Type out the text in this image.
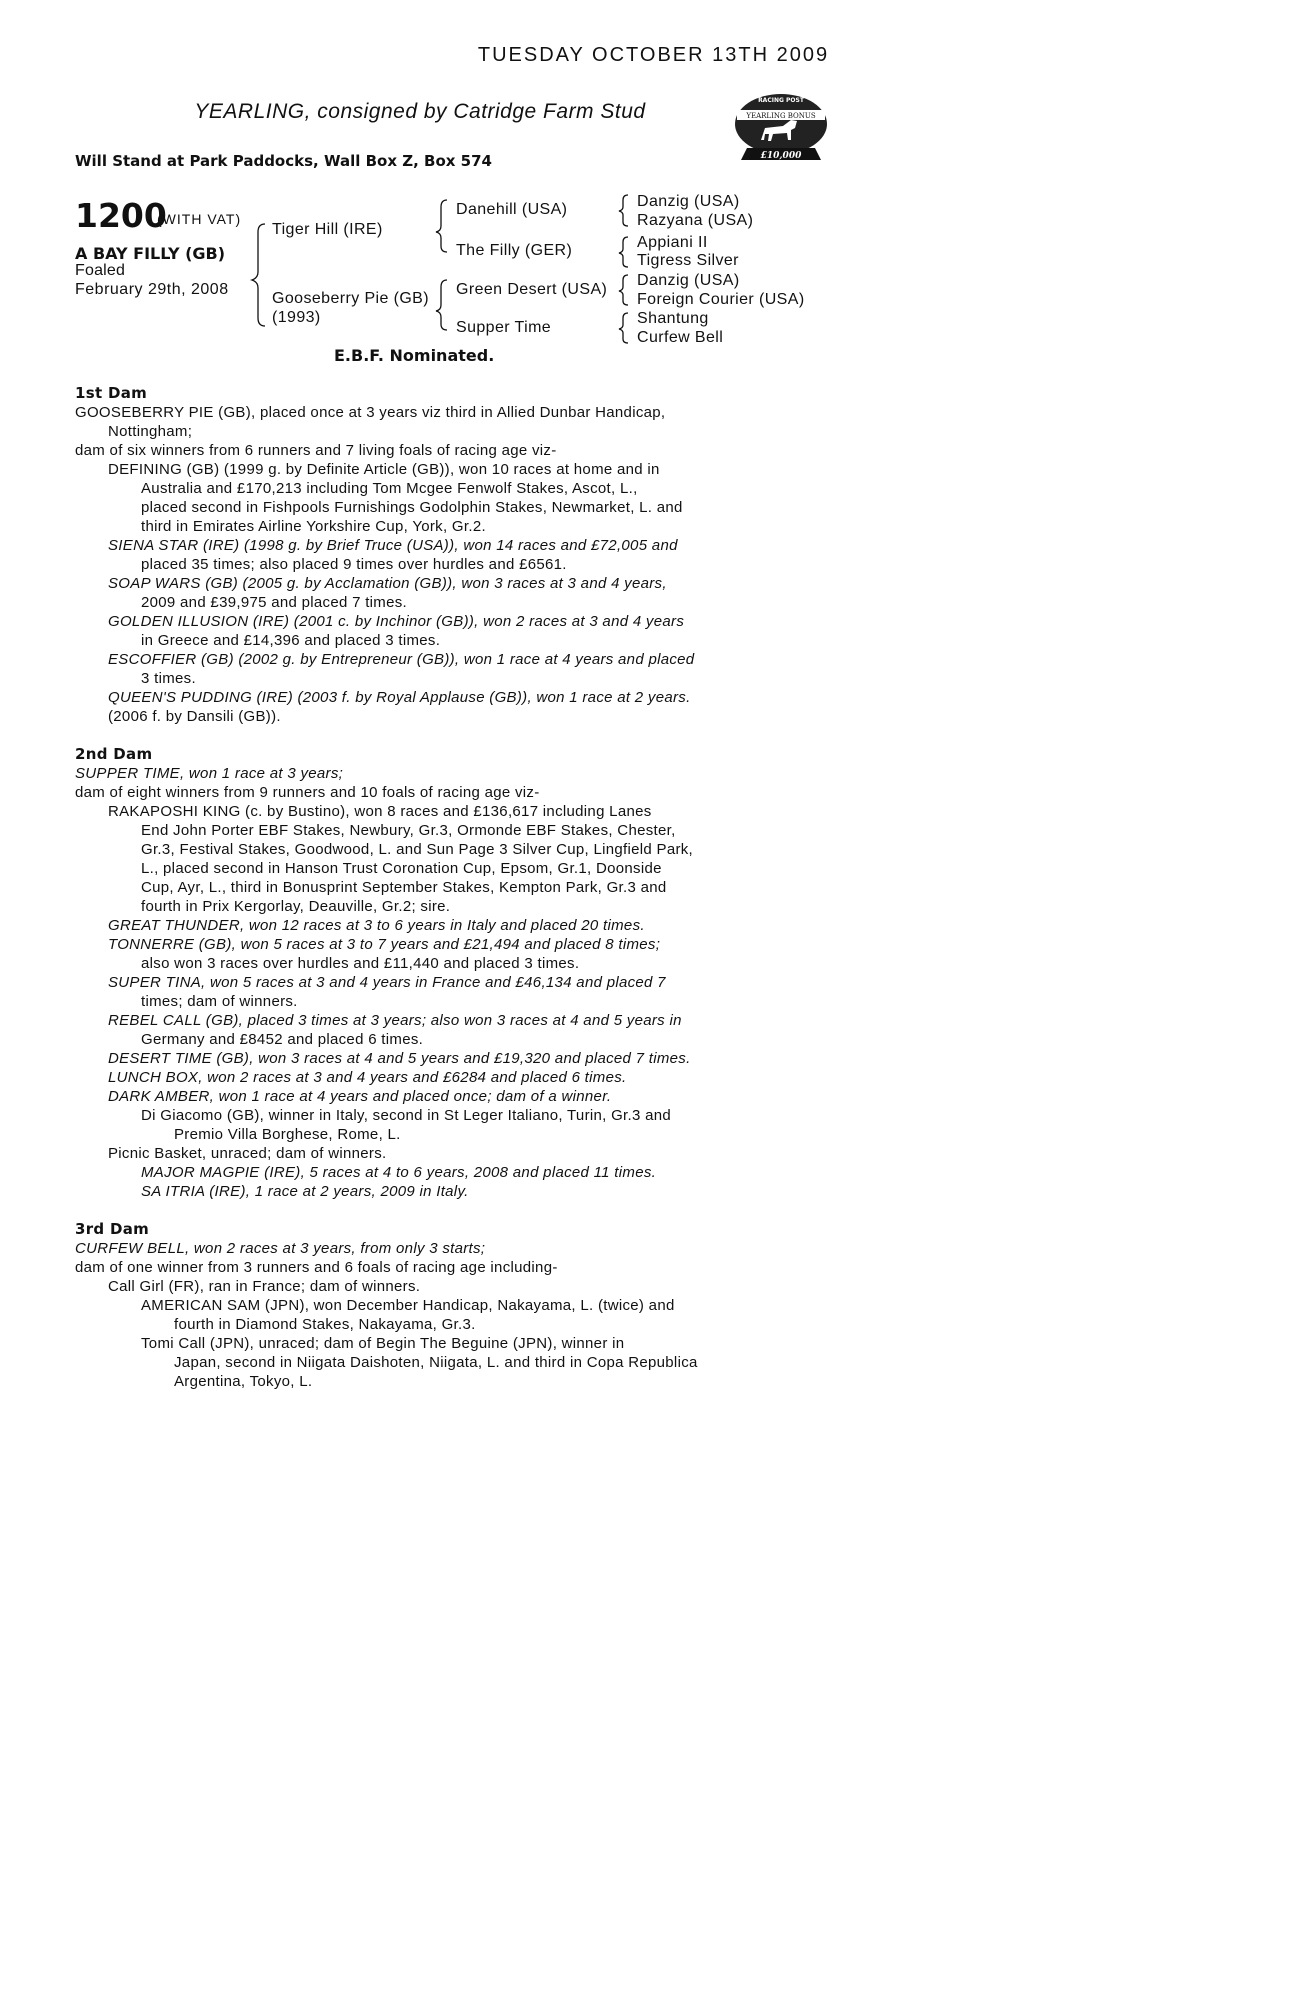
TUESDAY OCTOBER 13TH 2009
YEARLING, consigned by Catridge Farm Stud
Will Stand at Park Paddocks, Wall Box Z, Box 574
RACING POST
YEARLING BONUS
£10,000
1200
(WITH VAT)
A BAY FILLY (GB)
Foaled
February 29th, 2008
Tiger Hill (IRE)
Gooseberry Pie (GB)
(1993)
Danehill (USA)
The Filly (GER)
Green Desert (USA)
Supper Time
Danzig (USA)
Razyana (USA)
Appiani II
Tigress Silver
Danzig (USA)
Foreign Courier (USA)
Shantung
Curfew Bell
E.B.F. Nominated.
1st Dam
GOOSEBERRY PIE (GB), placed once at 3 years viz third in Allied Dunbar Handicap,
Nottingham;
dam of six winners from 6 runners and 7 living foals of racing age viz-
DEFINING (GB) (1999 g. by Definite Article (GB)), won 10 races at home and in
Australia and £170,213 including Tom Mcgee Fenwolf Stakes, Ascot, L.,
placed second in Fishpools Furnishings Godolphin Stakes, Newmarket, L. and
third in Emirates Airline Yorkshire Cup, York, Gr.2.
SIENA STAR (IRE) (1998 g. by Brief Truce (USA)), won 14 races and £72,005 and
placed 35 times; also placed 9 times over hurdles and £6561.
SOAP WARS (GB) (2005 g. by Acclamation (GB)), won 3 races at 3 and 4 years,
2009 and £39,975 and placed 7 times.
GOLDEN ILLUSION (IRE) (2001 c. by Inchinor (GB)), won 2 races at 3 and 4 years
in Greece and £14,396 and placed 3 times.
ESCOFFIER (GB) (2002 g. by Entrepreneur (GB)), won 1 race at 4 years and placed
3 times.
QUEEN'S PUDDING (IRE) (2003 f. by Royal Applause (GB)), won 1 race at 2 years.
(2006 f. by Dansili (GB)).
2nd Dam
SUPPER TIME, won 1 race at 3 years;
dam of eight winners from 9 runners and 10 foals of racing age viz-
RAKAPOSHI KING (c. by Bustino), won 8 races and £136,617 including Lanes
End John Porter EBF Stakes, Newbury, Gr.3, Ormonde EBF Stakes, Chester,
Gr.3, Festival Stakes, Goodwood, L. and Sun Page 3 Silver Cup, Lingfield Park,
L., placed second in Hanson Trust Coronation Cup, Epsom, Gr.1, Doonside
Cup, Ayr, L., third in Bonusprint September Stakes, Kempton Park, Gr.3 and
fourth in Prix Kergorlay, Deauville, Gr.2; sire.
GREAT THUNDER, won 12 races at 3 to 6 years in Italy and placed 20 times.
TONNERRE (GB), won 5 races at 3 to 7 years and £21,494 and placed 8 times;
also won 3 races over hurdles and £11,440 and placed 3 times.
SUPER TINA, won 5 races at 3 and 4 years in France and £46,134 and placed 7
times; dam of winners.
REBEL CALL (GB), placed 3 times at 3 years; also won 3 races at 4 and 5 years in
Germany and £8452 and placed 6 times.
DESERT TIME (GB), won 3 races at 4 and 5 years and £19,320 and placed 7 times.
LUNCH BOX, won 2 races at 3 and 4 years and £6284 and placed 6 times.
DARK AMBER, won 1 race at 4 years and placed once; dam of a winner.
Di Giacomo (GB), winner in Italy, second in St Leger Italiano, Turin, Gr.3 and
Premio Villa Borghese, Rome, L.
Picnic Basket, unraced; dam of winners.
MAJOR MAGPIE (IRE), 5 races at 4 to 6 years, 2008 and placed 11 times.
SA ITRIA (IRE), 1 race at 2 years, 2009 in Italy.
3rd Dam
CURFEW BELL, won 2 races at 3 years, from only 3 starts;
dam of one winner from 3 runners and 6 foals of racing age including-
Call Girl (FR), ran in France; dam of winners.
AMERICAN SAM (JPN), won December Handicap, Nakayama, L. (twice) and
fourth in Diamond Stakes, Nakayama, Gr.3.
Tomi Call (JPN), unraced; dam of Begin The Beguine (JPN), winner in
Japan, second in Niigata Daishoten, Niigata, L. and third in Copa Republica
Argentina, Tokyo, L.
